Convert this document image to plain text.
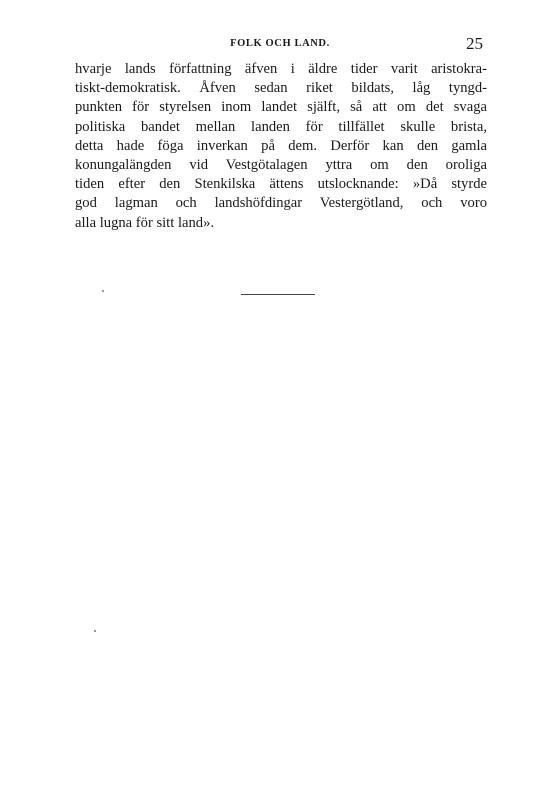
FOLK OCH LAND.	25
hvarje lands författning äfven i äldre tider varit aristokra-
tiskt-demokratisk. Åfven sedan riket bildats, låg tyngd-
punkten för styrelsen inom landet själft, så att om det svaga
politiska bandet mellan landen för tillfället skulle brista,
detta hade föga inverkan på dem. Derför kan den gamla
konungalängden vid Vestgötalagen yttra om den oroliga
tiden efter den Stenkilska ättens utslocknande: »Då styrde
god lagman och landshöfdingar Vestergötland, och voro
alla lugna för sitt land».
